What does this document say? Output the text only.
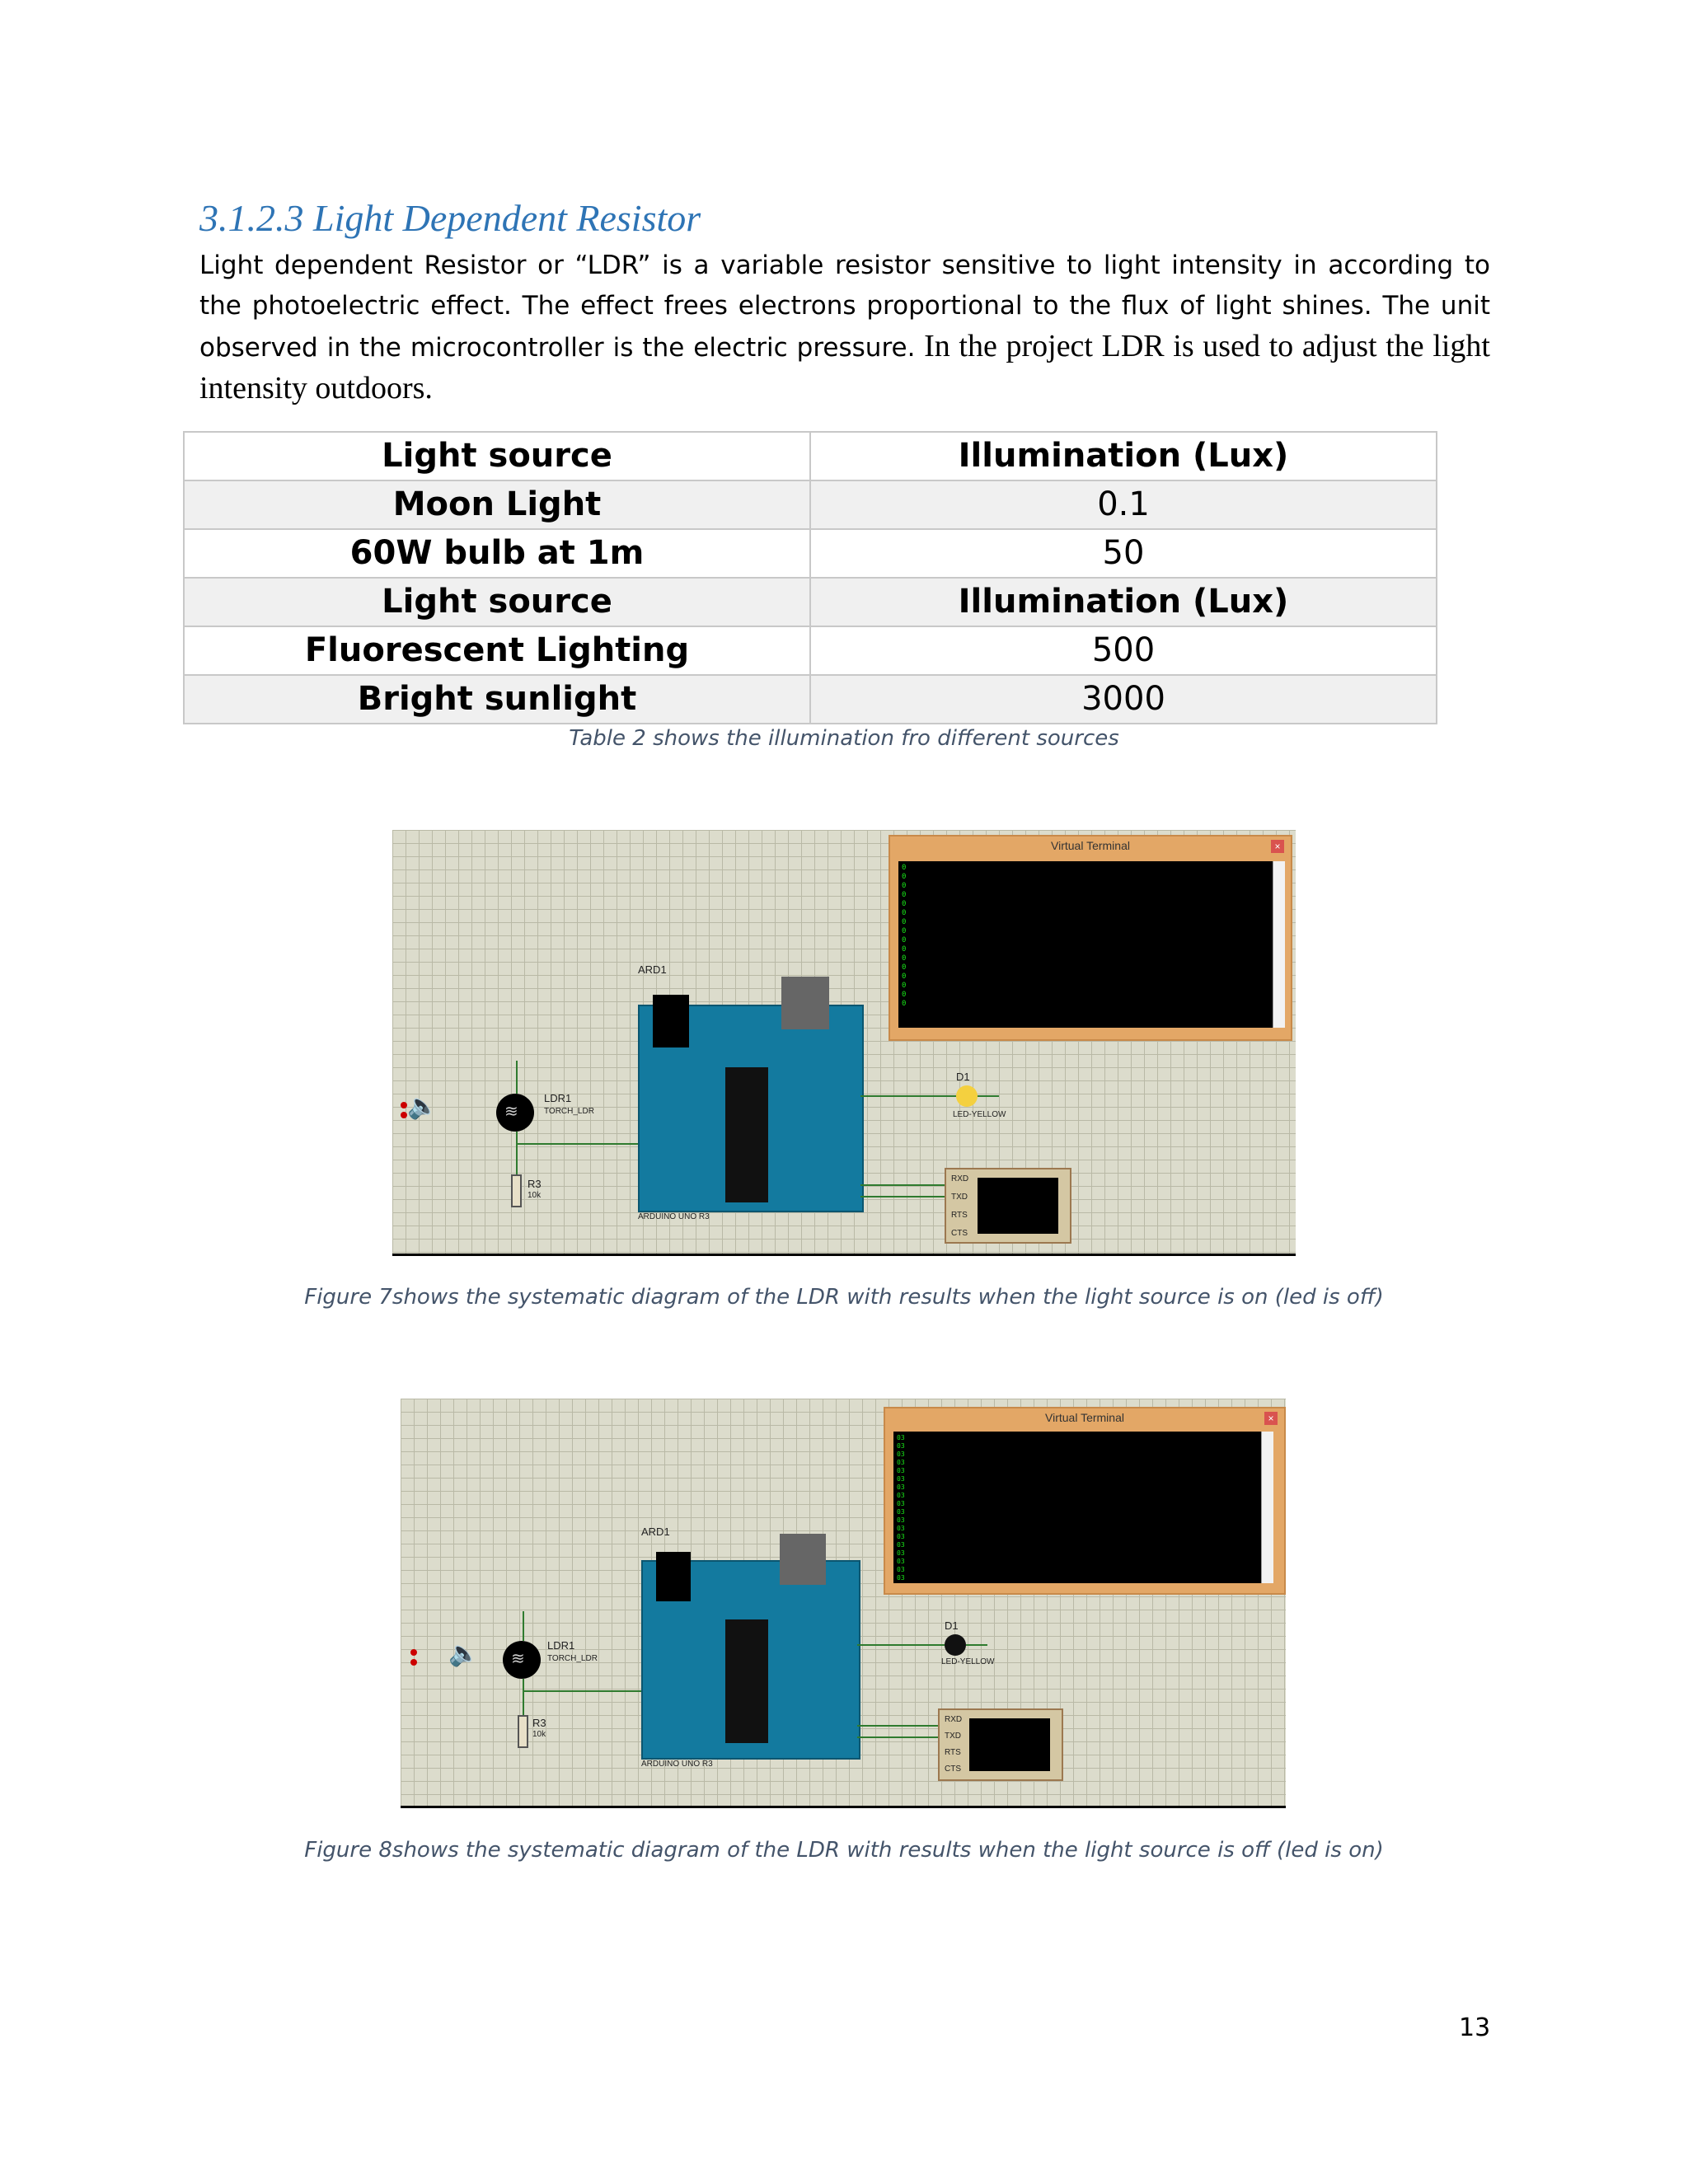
3.1.2.3 Light Dependent Resistor
Light dependent Resistor or “LDR” is a variable resistor sensitive to light intensity in according to the photoelectric effect. The effect frees electrons proportional to the flux of light shines. The unit observed in the microcontroller is the electric pressure. In the project LDR is used to adjust the light intensity outdoors.
Light source	Illumination (Lux)
Moon Light	0.1
60W bulb at 1m	50
Light source	Illumination (Lux)
Fluorescent Lighting	500
Bright sunlight	3000
Table 2 shows the illumination fro different sources
Virtual Terminal	×
0
0
0
0
0
0
0
0
0
0
0
0
0
0
0
0
ARD1
ARDUINO UNO R3
🔈	≋
LDR1
TORCH_LDR
R3
10k
D1
LED-YELLOW
RXD
TXD
RTS
CTS
Figure 7shows the systematic diagram of the LDR with results when the light source is on (led is off)
Virtual Terminal	×
03
03
03
03
03
03
03
03
03
03
03
03
03
03
03
03
03
03
ARD1
ARDUINO UNO R3
🔈 ≋
LDR1
TORCH_LDR
R3
10k
D1
LED-YELLOW
RXD
TXD
RTS
CTS
Figure 8shows the systematic diagram of the LDR with results when the light source is off (led is on)
13
